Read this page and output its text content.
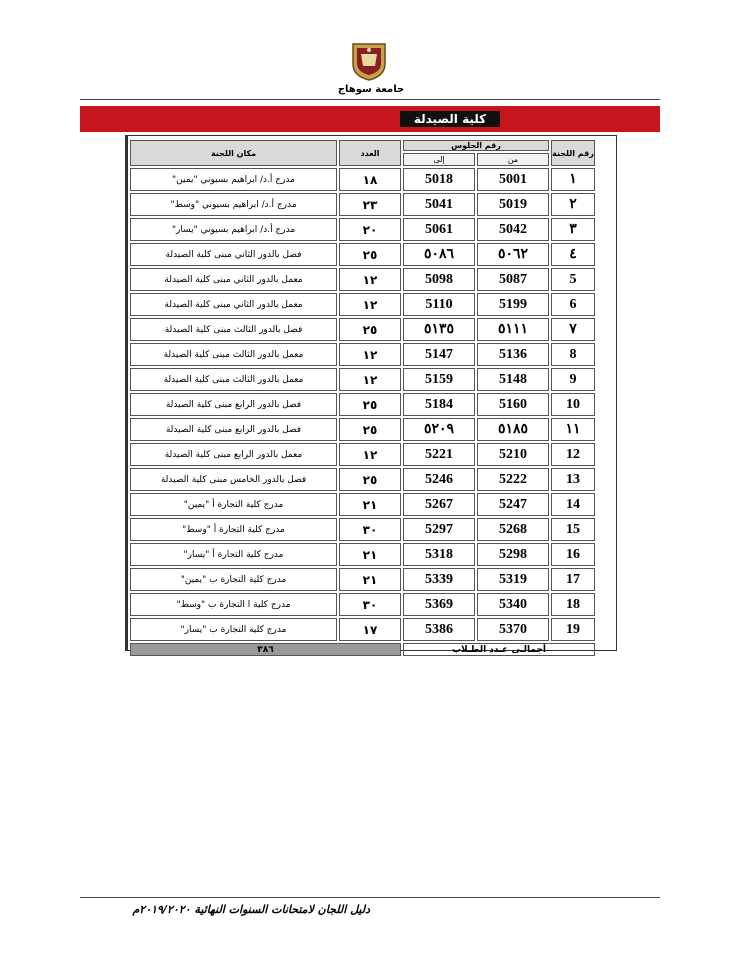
جامعة سوهاج
كلية الصيدلة
رقم اللجنة	رقم الجلوس		العدد	مكان اللجنة
	من	إلى		
١	5001	5018	١٨	مدرج أ.د/ ابراهيم بسيوني "يمين"
٢	5019	5041	٢٣	مدرج أ.د/ ابراهيم بسيوني "وسط"
٣	5042	5061	٢٠	مدرج أ.د/ ابراهيم بسيوني "يسار"
٤	٥٠٦٢	٥٠٨٦	٢٥	فصل بالدور الثاني مبنى كلية الصيدلة
5	5087	5098	١٢	معمل بالدور الثاني مبنى كلية الصيدلة
6	5199	5110	١٢	معمل بالدور الثاني مبنى كلية الصيدلة
٧	٥١١١	٥١٣٥	٢٥	فصل بالدور الثالث مبنى كلية الصيدلة
8	5136	5147	١٢	معمل بالدور الثالث مبنى كلية الصيدلة
9	5148	5159	١٢	معمل بالدور الثالث مبنى كلية الصيدلة
10	5160	5184	٢٥	فصل بالدور الرابع مبنى كلية الصيدلة
١١	٥١٨٥	٥٢٠٩	٢٥	فصل بالدور الرابع مبنى كلية الصيدلة
12	5210	5221	١٢	معمل بالدور الرابع مبنى كلية الصيدلة
13	5222	5246	٢٥	فصل بالدور الخامس مبنى كلية الصيدلة
14	5247	5267	٢١	مدرج كلية التجارة أ "يمين"
15	5268	5297	٣٠	مدرج كلية التجارة أ "وسط"
16	5298	5318	٢١	مدرج كلية التجارة أ "يسار"
17	5319	5339	٢١	مدرج كلية التجارة ب "يمين"
18	5340	5369	٣٠	مدرج كلية ا التجارة ب "وسط"
19	5370	5386	١٧	مدرج كلية التجارة ب "يسار"
أجمالـى عـدد الطـلاب			٣٨٦	
دليل اللجان لامتحانات السنوات النهائية ٢٠١٩/٢٠٢٠م
